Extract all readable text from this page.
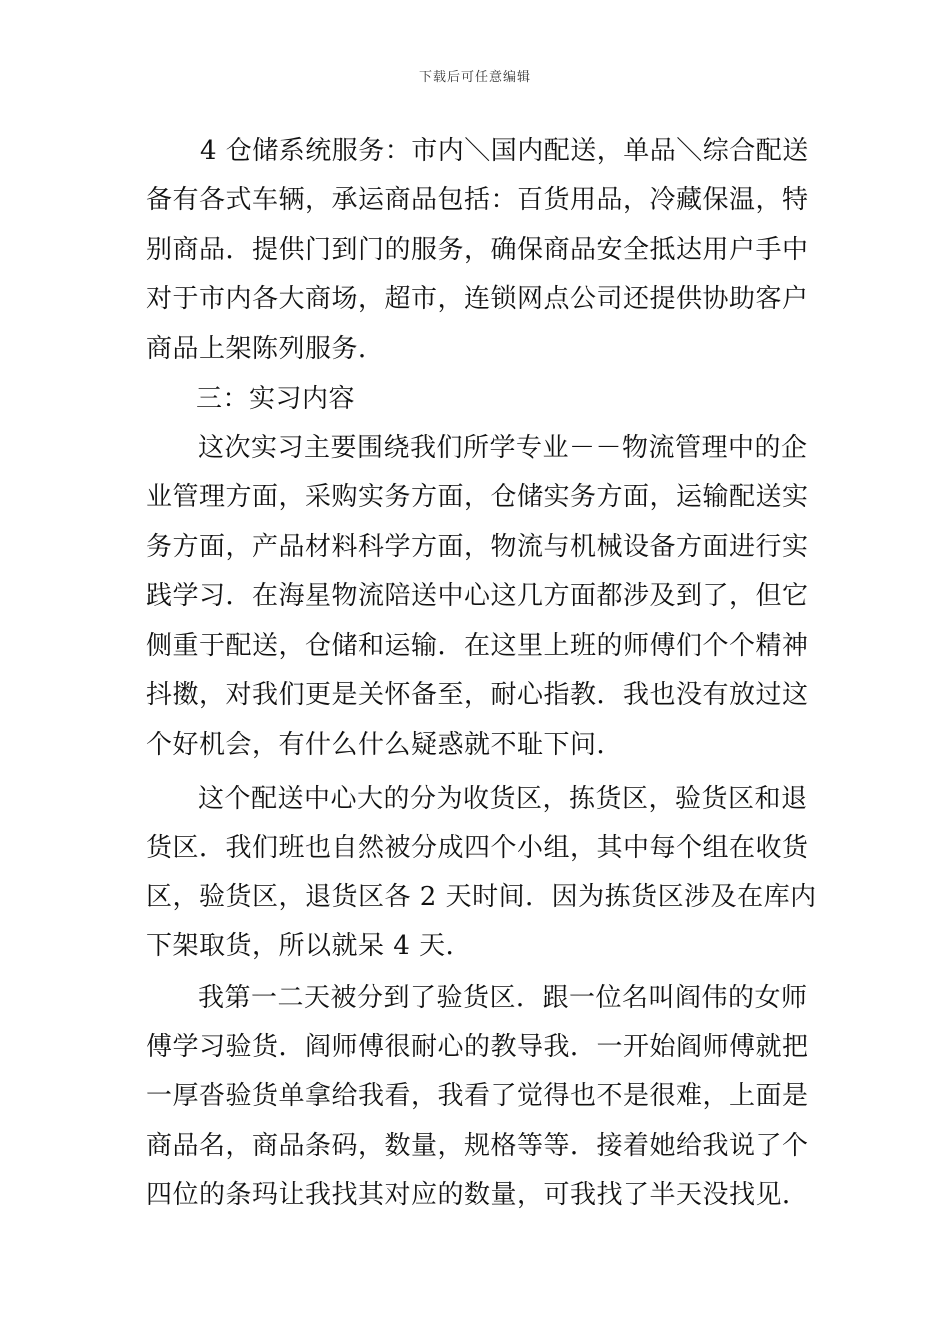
下载后可任意编辑
4 仓储系统服务：市内＼国内配送，单品＼综合配送
备有各式车辆，承运商品包括：百货用品，冷藏保温，特
别商品．提供门到门的服务，确保商品安全抵达用户手中
对于市内各大商场，超市，连锁网点公司还提供协助客户
商品上架陈列服务．
三：实习内容
这次实习主要围绕我们所学专业－－物流管理中的企
业管理方面，采购实务方面，仓储实务方面，运输配送实
务方面，产品材料科学方面，物流与机械设备方面进行实
践学习．在海星物流陪送中心这几方面都涉及到了，但它
侧重于配送，仓储和运输．在这里上班的师傅们个个精神
抖擞，对我们更是关怀备至，耐心指教．我也没有放过这
个好机会，有什么什么疑惑就不耻下问．
这个配送中心大的分为收货区，拣货区，验货区和退
货区．我们班也自然被分成四个小组，其中每个组在收货
区，验货区，退货区各 2 天时间．因为拣货区涉及在库内
下架取货，所以就呆 4 天．
我第一二天被分到了验货区．跟一位名叫阎伟的女师
傅学习验货．阎师傅很耐心的教导我．一开始阎师傅就把
一厚沓验货单拿给我看，我看了觉得也不是很难，上面是
商品名，商品条码，数量，规格等等．接着她给我说了个
四位的条玛让我找其对应的数量，可我找了半天没找见．
